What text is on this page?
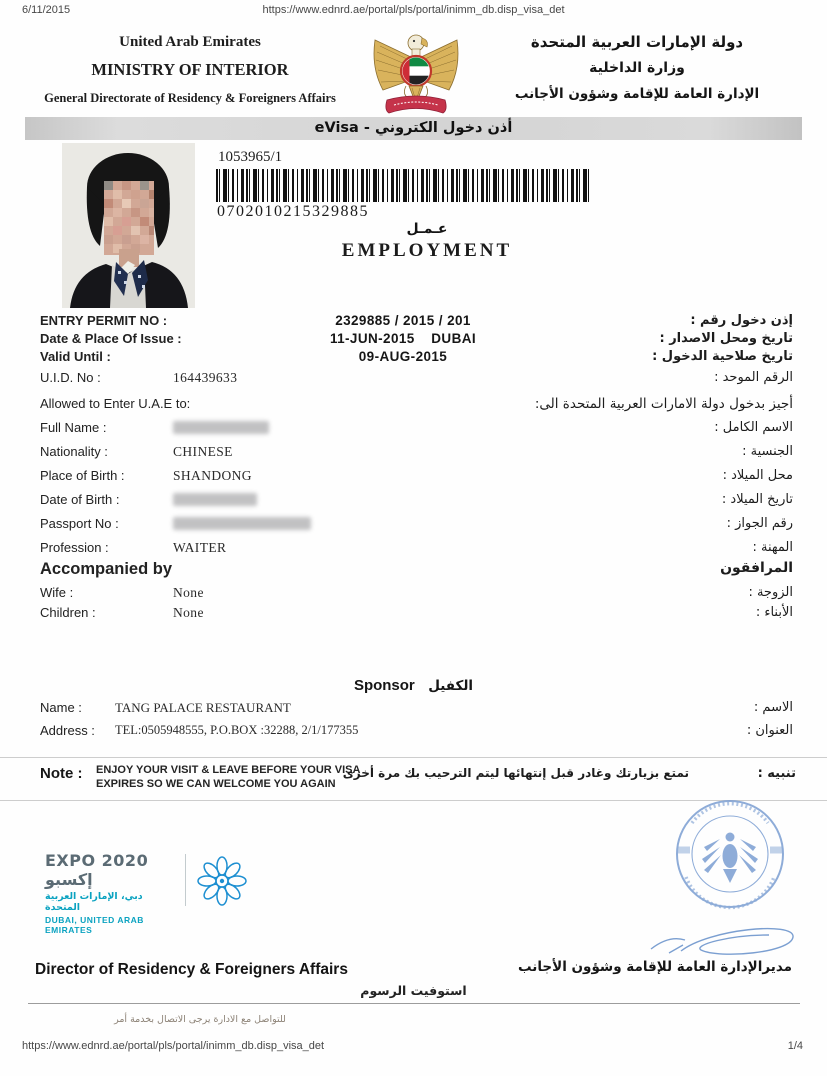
6/11/2015	https://www.ednrd.ae/portal/pls/portal/inimm_db.disp_visa_det
United Arab Emirates
MINISTRY OF INTERIOR
General Directorate of Residency & Foreigners Affairs
دولة الإمارات العربية المتحدة
وزارة الداخلية
الإدارة العامة للإقامة وشؤون الأجانب
أذن دخول الكتروني - eVisa
1053965/1
0702010215329885
عـمـل
EMPLOYMENT
ENTRY PERMIT NO :	2329885 / 2015 / 201	إذن دخول رقم :
Date & Place Of Issue :	11-JUN-2015    DUBAI	تاريخ ومحل الاصدار :
Valid Until :	09-AUG-2015	تاريخ صلاحية الدخول :
U.I.D. No :	164439633	الرقم الموحد :
Allowed to Enter U.A.E to:	أجيز بدخول دولة الامارات العربية المتحدة الى:
Full Name :	الاسم الكامل :
Nationality :	CHINESE	الجنسية :
Place of Birth :	SHANDONG	محل الميلاد :
Date of Birth :	تاريخ الميلاد :
Passport No :	رقم الجواز :
Profession :	WAITER	المهنة :
Accompanied by	المرافقون
Wife :	None	الزوجة :
Children :	None	الأبناء :
Sponsor الكفيل
Name :	TANG PALACE RESTAURANT	الاسم :
Address : TEL:0505948555, P.O.BOX :32288, 2/1/177355	العنوان :
Note : ENJOY YOUR VISIT & LEAVE BEFORE YOUR VISA
EXPIRES SO WE CAN WELCOME YOU AGAIN
تمتع بزيارتك وغادر قبل إنتهائها ليتم الترحيب بك مرة أخرى	تنبيه :
EXPO 2020 إكسبو
دبي، الإمارات العربية المتحدة
DUBAI, UNITED ARAB EMIRATES
Director of Residency & Foreigners Affairs	مديرالإدارة العامة للإقامة وشؤون الأجانب
استوفيت الرسوم
للتواصل مع الادارة يرجى الاتصال بخدمة أمر
https://www.ednrd.ae/portal/pls/portal/inimm_db.disp_visa_det	1/4
